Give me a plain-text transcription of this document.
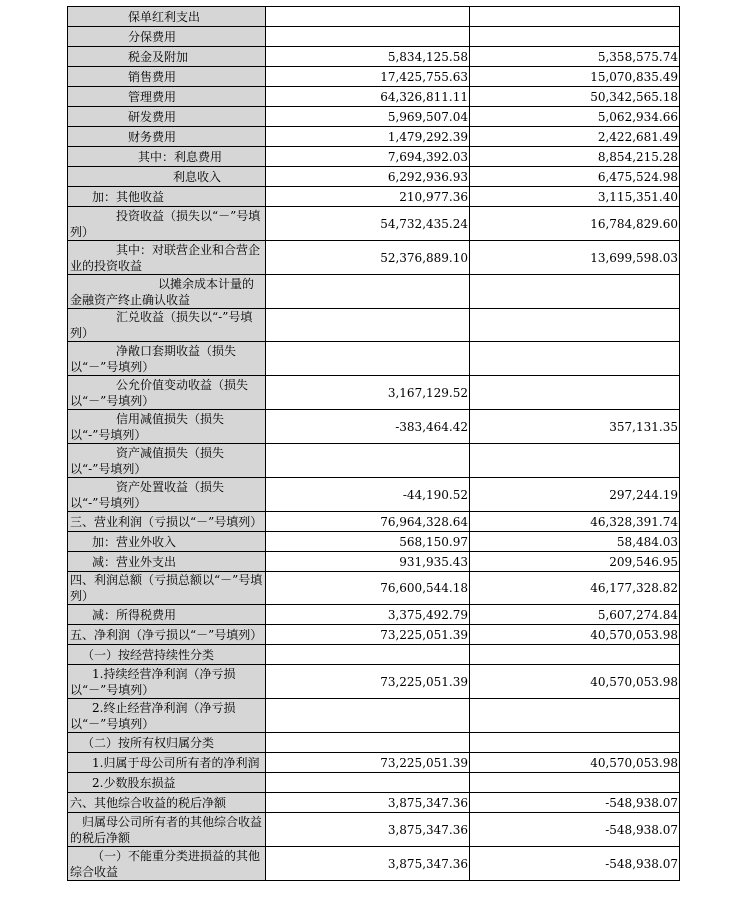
保单红利支出		
分保费用		
税金及附加	5,834,125.58	5,358,575.74
销售费用	17,425,755.63	15,070,835.49
管理费用	64,326,811.11	50,342,565.18
研发费用	5,969,507.04	5,062,934.66
财务费用	1,479,292.39	2,422,681.49
其中：利息费用	7,694,392.03	8,854,215.28
利息收入	6,292,936.93	6,475,524.98
加：其他收益	210,977.36	3,115,351.40
投资收益（损失以“－”号填列）	54,732,435.24	16,784,829.60
其中：对联营企业和合营企业的投资收益	52,376,889.10	13,699,598.03
以摊余成本计量的金融资产终止确认收益		
汇兑收益（损失以“-”号填列）		
净敞口套期收益（损失以“－”号填列）		
公允价值变动收益（损失以“－”号填列）	3,167,129.52	
信用减值损失（损失以“-”号填列）	-383,464.42	357,131.35
资产减值损失（损失以“-”号填列）		
资产处置收益（损失以“-”号填列）	-44,190.52	297,244.19
三、营业利润（亏损以“－”号填列）	76,964,328.64	46,328,391.74
加：营业外收入	568,150.97	58,484.03
减：营业外支出	931,935.43	209,546.95
四、利润总额（亏损总额以“－”号填列）	76,600,544.18	46,177,328.82
减：所得税费用	3,375,492.79	5,607,274.84
五、净利润（净亏损以“－”号填列）	73,225,051.39	40,570,053.98
（一）按经营持续性分类		
1.持续经营净利润（净亏损以“－”号填列）	73,225,051.39	40,570,053.98
2.终止经营净利润（净亏损以“－”号填列）		
（二）按所有权归属分类		
1.归属于母公司所有者的净利润	73,225,051.39	40,570,053.98
2.少数股东损益		
六、其他综合收益的税后净额	3,875,347.36	-548,938.07
归属母公司所有者的其他综合收益的税后净额	3,875,347.36	-548,938.07
（一）不能重分类进损益的其他综合收益	3,875,347.36	-548,938.07
